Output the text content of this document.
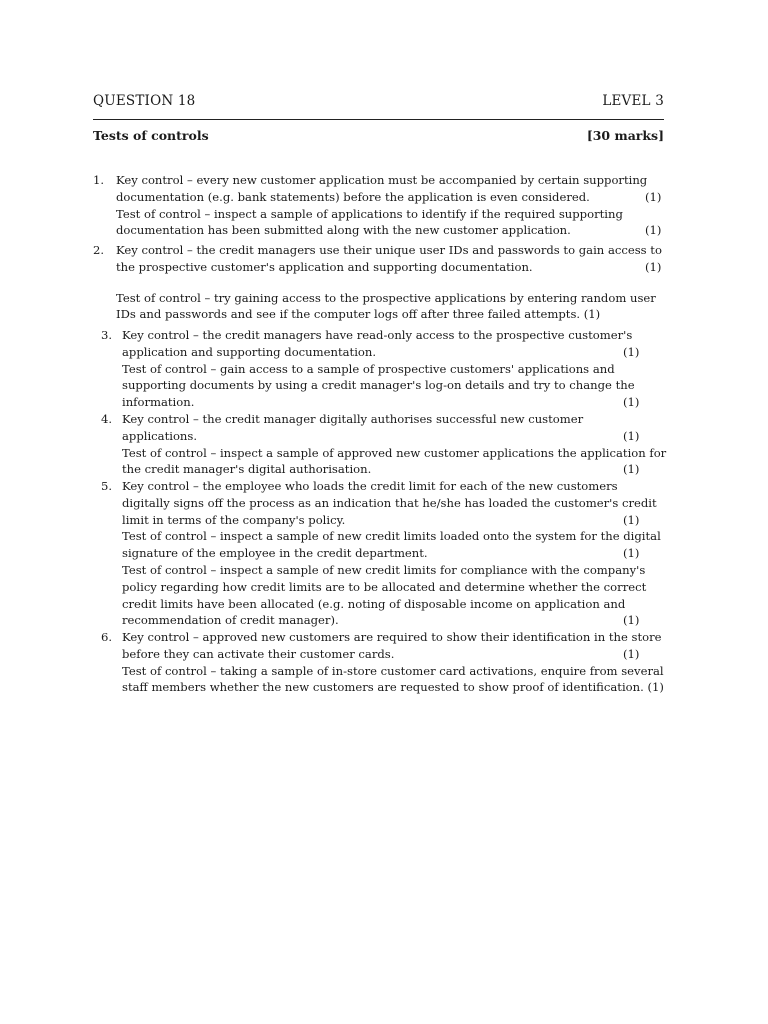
QUESTION 18	LEVEL 3
Tests of controls	[30 marks]
1. Key control – every new customer application must be accompanied by certain supporting
documentation (e.g. bank statements) before the application is even considered.	(1)
Test of control – inspect a sample of applications to identify if the required supporting
documentation has been submitted along with the new customer application.	(1)
2. Key control – the credit managers use their unique user IDs and passwords to gain access to
the prospective customer's application and supporting documentation.	(1)
Test of control – try gaining access to the prospective applications by entering random user
IDs and passwords and see if the computer logs off after three failed attempts. (1)
3. Key control – the credit managers have read-only access to the prospective customer's
application and supporting documentation.	(1)
Test of control – gain access to a sample of prospective customers' applications and
supporting documents by using a credit manager's log-on details and try to change the
information.	(1)
4. Key control – the credit manager digitally authorises successful new customer
applications.	(1)
Test of control – inspect a sample of approved new customer applications the application for
the credit manager's digital authorisation.	(1)
5. Key control – the employee who loads the credit limit for each of the new customers
digitally signs off the process as an indication that he/she has loaded the customer's credit
limit in terms of the company's policy.	(1)
Test of control – inspect a sample of new credit limits loaded onto the system for the digital
signature of the employee in the credit department.	(1)
Test of control – inspect a sample of new credit limits for compliance with the company's
policy regarding how credit limits are to be allocated and determine whether the correct
credit limits have been allocated (e.g. noting of disposable income on application and
recommendation of credit manager).	(1)
6. Key control – approved new customers are required to show their identification in the store
before they can activate their customer cards.	(1)
Test of control – taking a sample of in-store customer card activations, enquire from several
staff members whether the new customers are requested to show proof of identification. (1)
